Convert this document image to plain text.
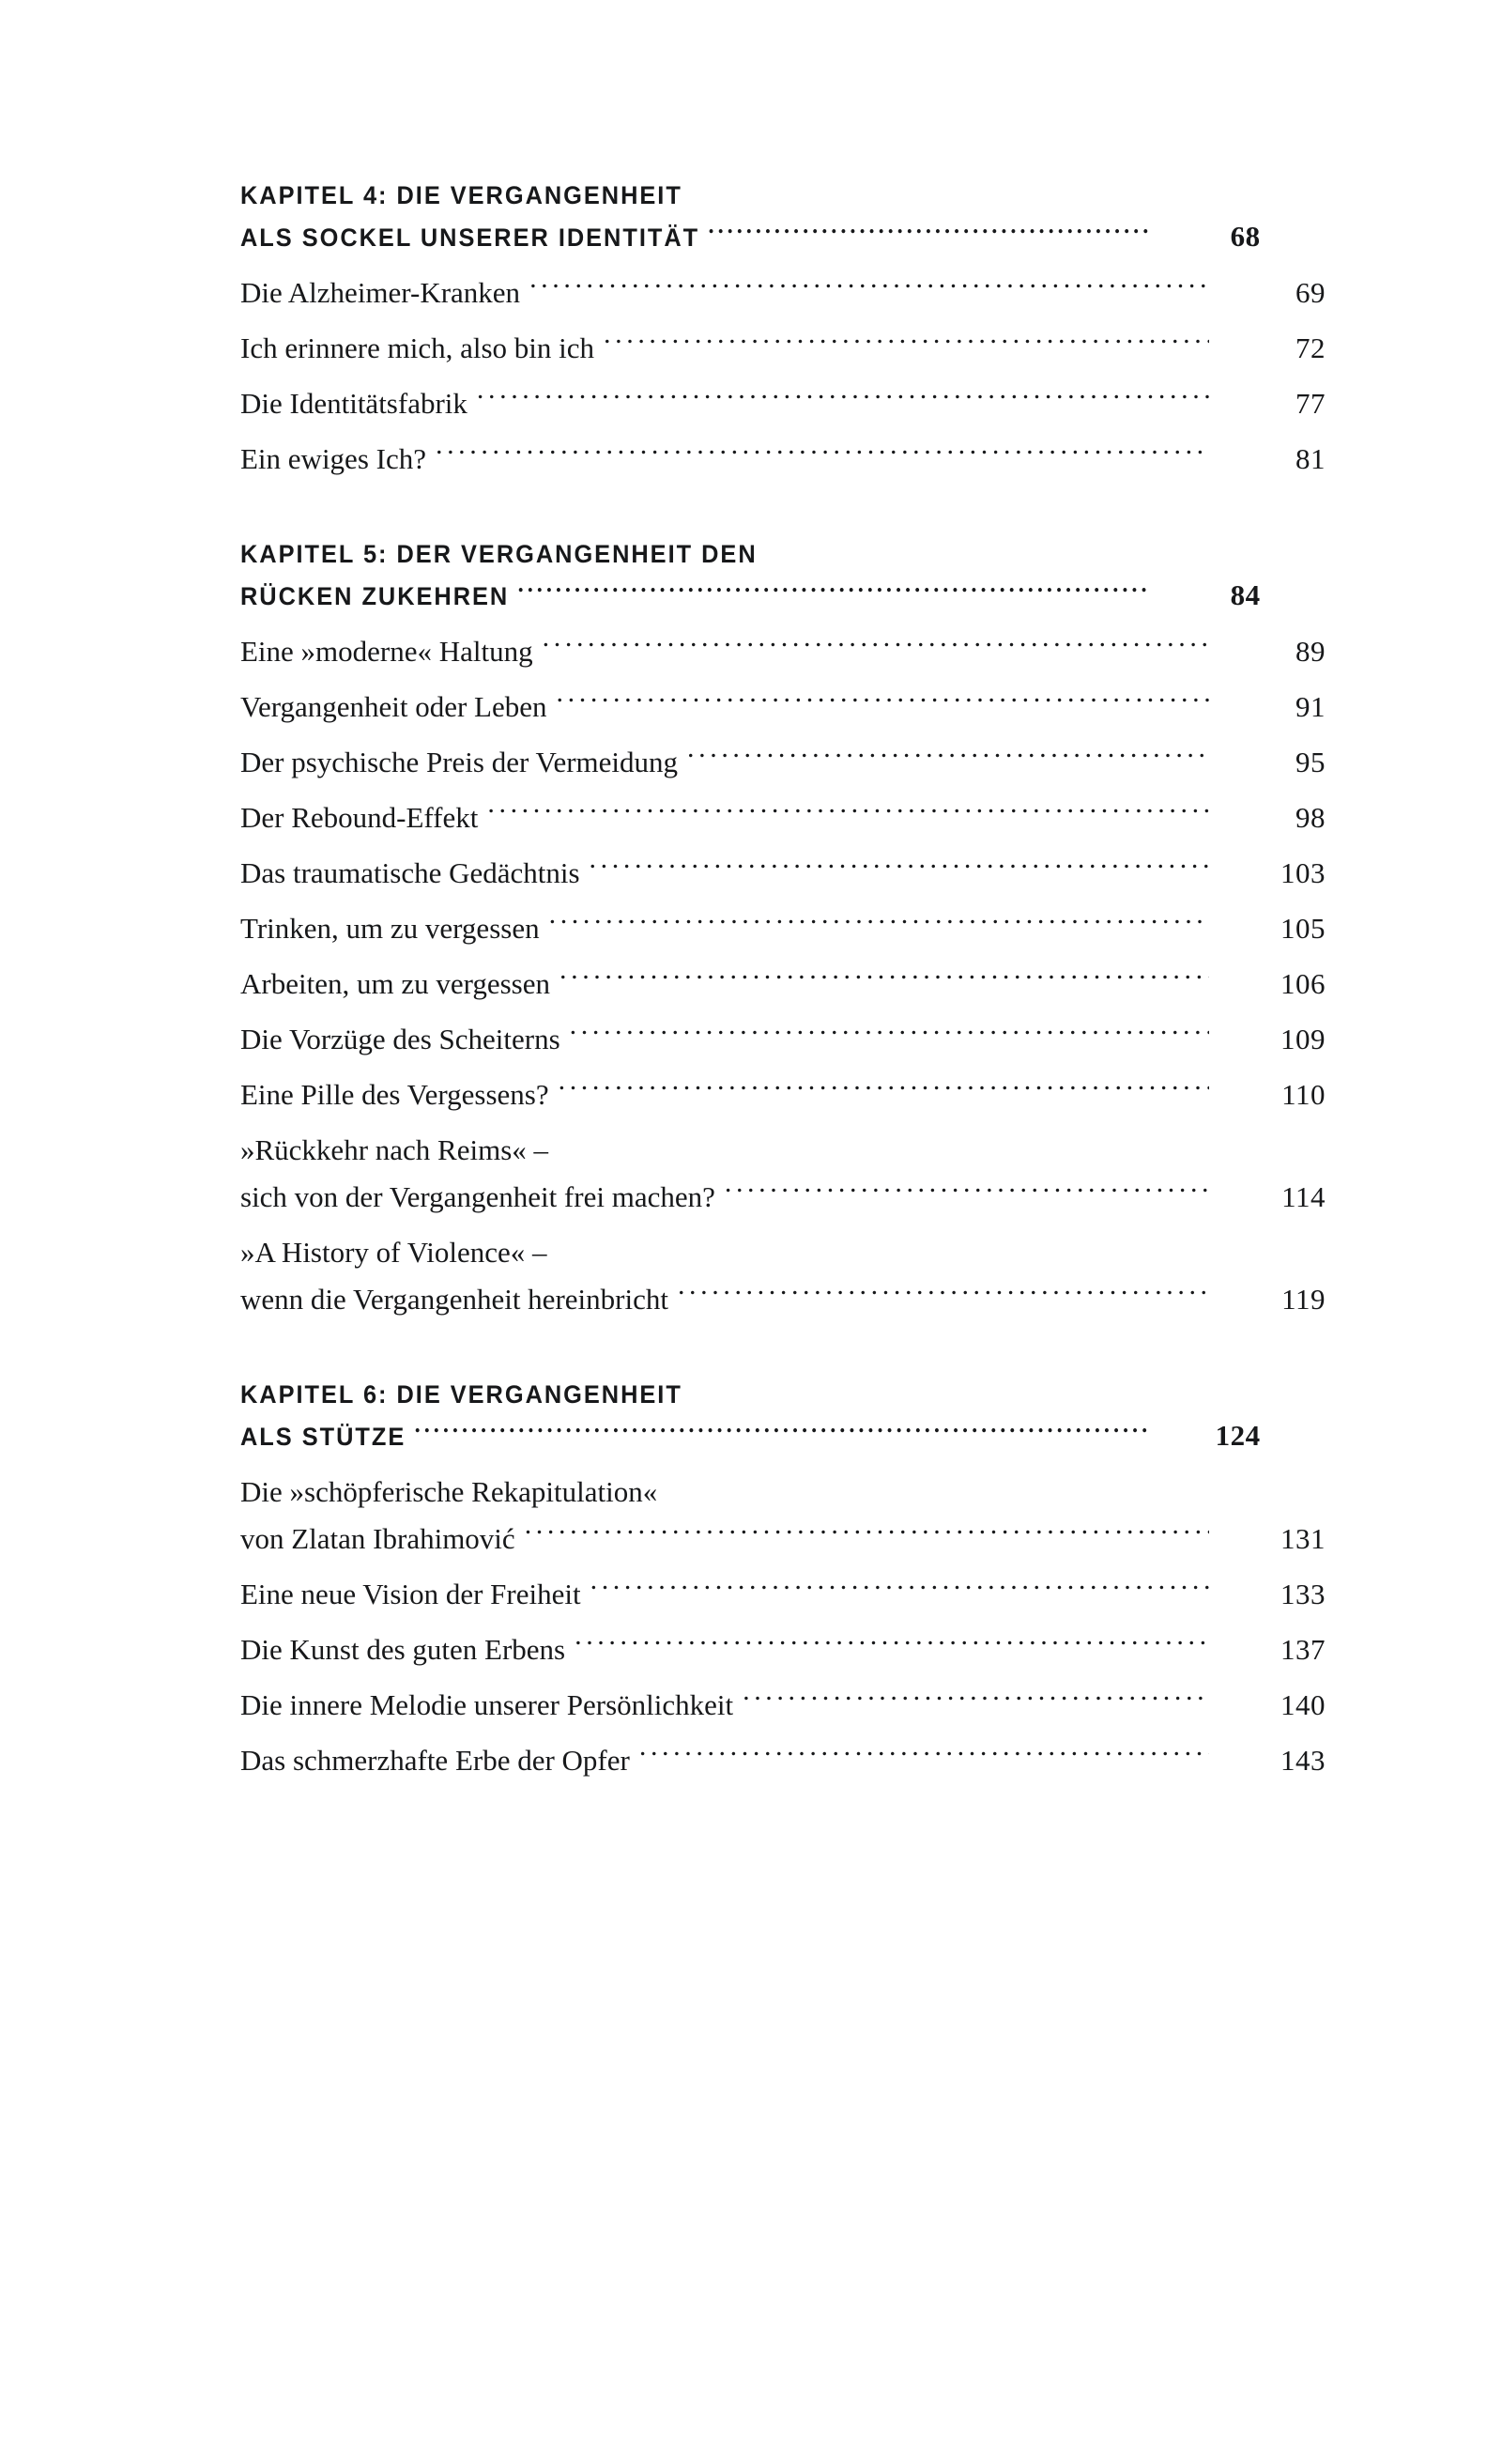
KAPITEL 4: DIE VERGANGENHEIT
ALS SOCKEL UNSERER IDENTITÄT .....	68
Die Alzheimer-Kranken .....	69
Ich erinnere mich, also bin ich .....	72
Die Identitätsfabrik .....	77
Ein ewiges Ich? .....	81
KAPITEL 5: DER VERGANGENHEIT DEN
RÜCKEN ZUKEHREN .....	84
Eine »moderne« Haltung .....	89
Vergangenheit oder Leben .....	91
Der psychische Preis der Vermeidung .....	95
Der Rebound-Effekt .....	98
Das traumatische Gedächtnis .....	103
Trinken, um zu vergessen .....	105
Arbeiten, um zu vergessen .....	106
Die Vorzüge des Scheiterns .....	109
Eine Pille des Vergessens? .....	110
»Rückkehr nach Reims« –
sich von der Vergangenheit frei machen? .....	114
»A History of Violence« –
wenn die Vergangenheit hereinbricht .....	119
KAPITEL 6: DIE VERGANGENHEIT
ALS STÜTZE .....	124
Die »schöpferische Rekapitulation«
von Zlatan Ibrahimović .....	131
Eine neue Vision der Freiheit .....	133
Die Kunst des guten Erbens .....	137
Die innere Melodie unserer Persönlichkeit .....	140
Das schmerzhafte Erbe der Opfer .....	143
